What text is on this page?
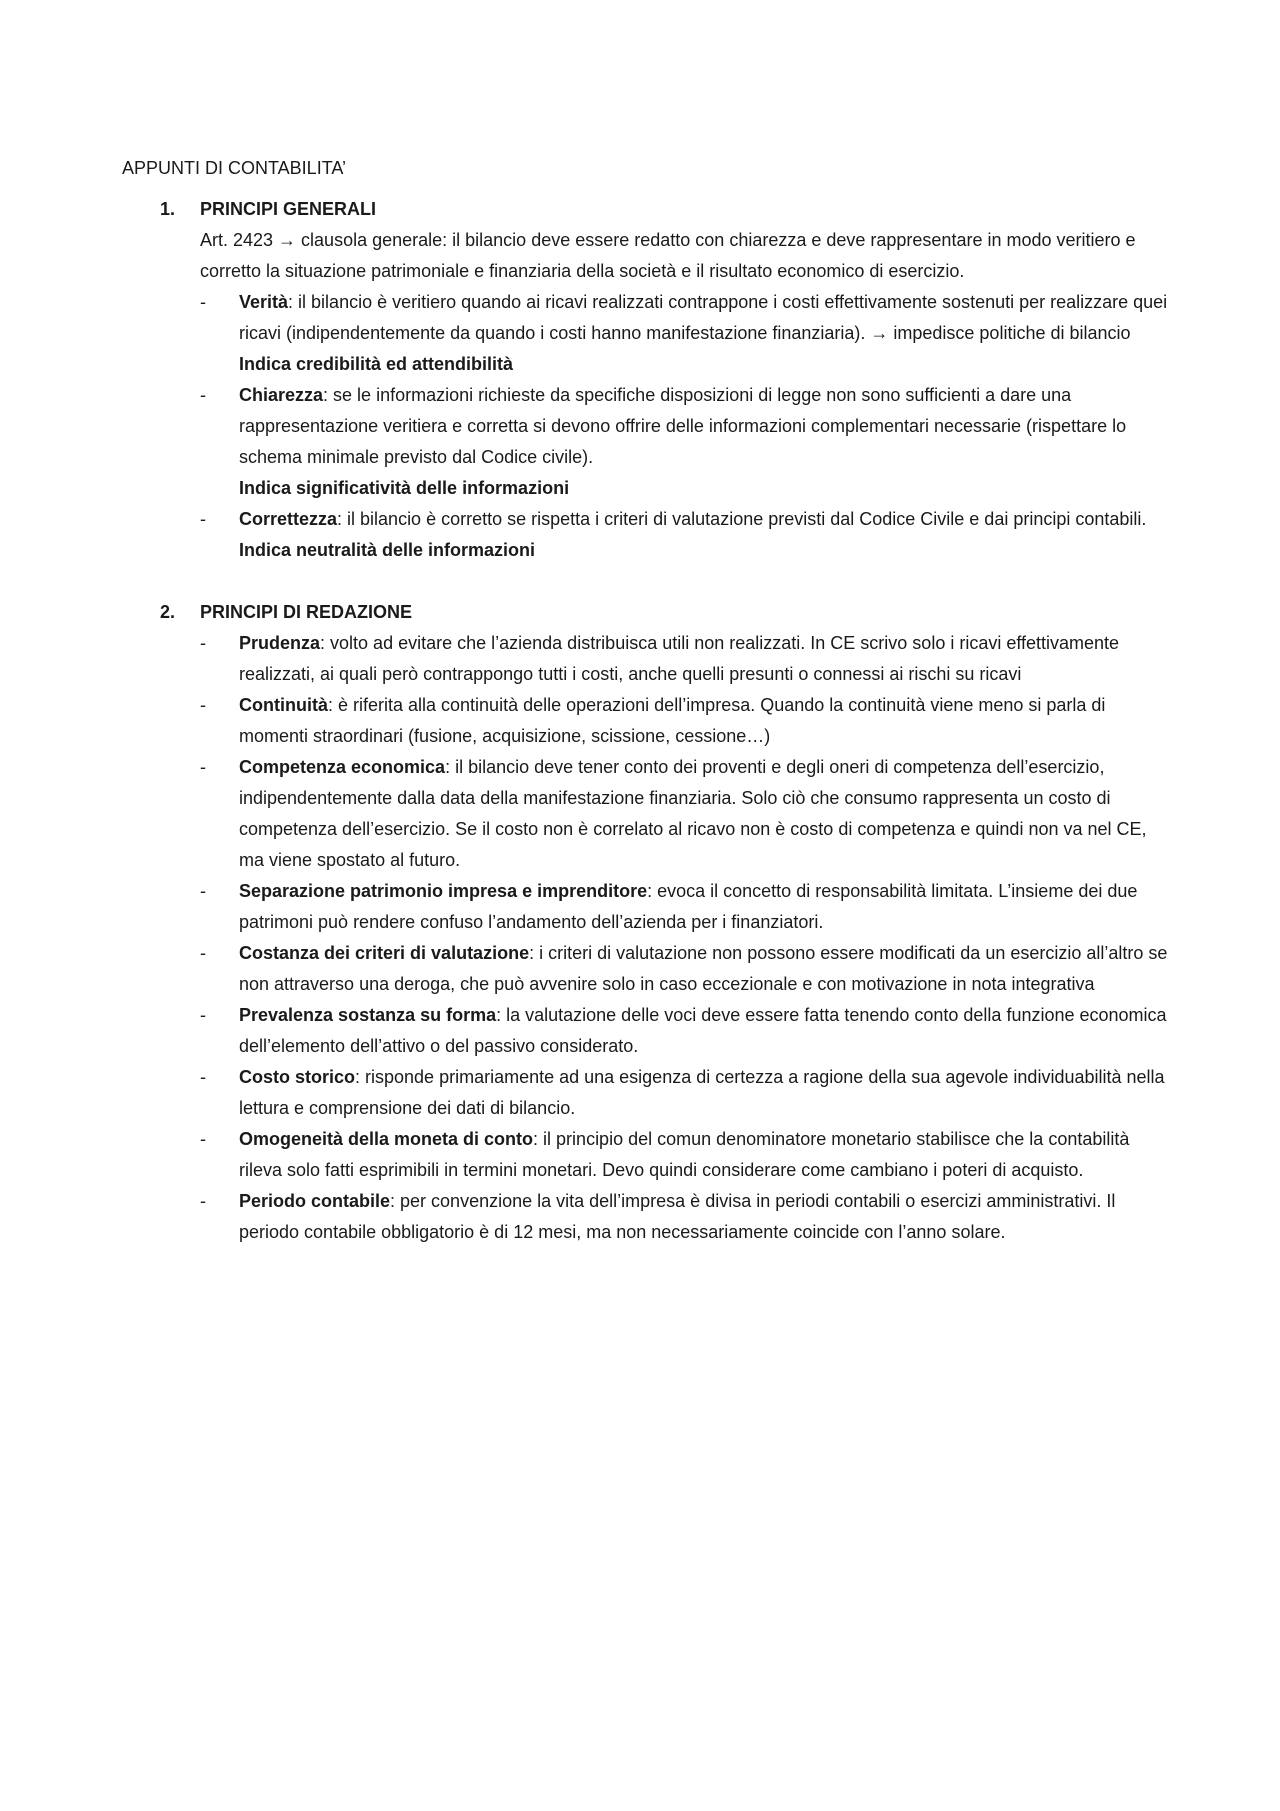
APPUNTI DI CONTABILITA’

1. PRINCIPI GENERALI

Art. 2423 → clausola generale: il bilancio deve essere redatto con chiarezza e deve rappresentare in modo veritiero e corretto la situazione patrimoniale e finanziaria della società e il risultato economico di esercizio.

- Verità: il bilancio è veritiero quando ai ricavi realizzati contrappone i costi effettivamente sostenuti per realizzare quei ricavi (indipendentemente da quando i costi hanno manifestazione finanziaria). → impedisce politiche di bilancio

Indica credibilità ed attendibilità

- Chiarezza: se le informazioni richieste da specifiche disposizioni di legge non sono sufficienti a dare una rappresentazione veritiera e corretta si devono offrire delle informazioni complementari necessarie (rispettare lo schema minimale previsto dal Codice civile).

Indica significatività delle informazioni

- Correttezza: il bilancio è corretto se rispetta i criteri di valutazione previsti dal Codice Civile e dai principi contabili.

Indica neutralità delle informazioni

2. PRINCIPI DI REDAZIONE

- Prudenza: volto ad evitare che l’azienda distribuisca utili non realizzati. In CE scrivo solo i ricavi effettivamente realizzati, ai quali però contrappongo tutti i costi, anche quelli presunti o connessi ai rischi su ricavi

- Continuità: è riferita alla continuità delle operazioni dell’impresa. Quando la continuità viene meno si parla di momenti straordinari (fusione, acquisizione, scissione, cessione…)

- Competenza economica: il bilancio deve tener conto dei proventi e degli oneri di competenza dell’esercizio, indipendentemente dalla data della manifestazione finanziaria. Solo ciò che consumo rappresenta un costo di competenza dell’esercizio. Se il costo non è correlato al ricavo non è costo di competenza e quindi non va nel CE, ma viene spostato al futuro.

- Separazione patrimonio impresa e imprenditore: evoca il concetto di responsabilità limitata. L’insieme dei due patrimoni può rendere confuso l’andamento dell’azienda per i finanziatori.

- Costanza dei criteri di valutazione: i criteri di valutazione non possono essere modificati da un esercizio all’altro se non attraverso una deroga, che può avvenire solo in caso eccezionale e con motivazione in nota integrativa

- Prevalenza sostanza su forma: la valutazione delle voci deve essere fatta tenendo conto della funzione economica dell’elemento dell’attivo o del passivo considerato.

- Costo storico: risponde primariamente ad una esigenza di certezza a ragione della sua agevole individuabilità nella lettura e comprensione dei dati di bilancio.

- Omogeneità della moneta di conto: il principio del comun denominatore monetario stabilisce che la contabilità rileva solo fatti esprimibili in termini monetari. Devo quindi considerare come cambiano i poteri di acquisto.

- Periodo contabile: per convenzione la vita dell’impresa è divisa in periodi contabili o esercizi amministrativi. Il periodo contabile obbligatorio è di 12 mesi, ma non necessariamente coincide con l’anno solare.
